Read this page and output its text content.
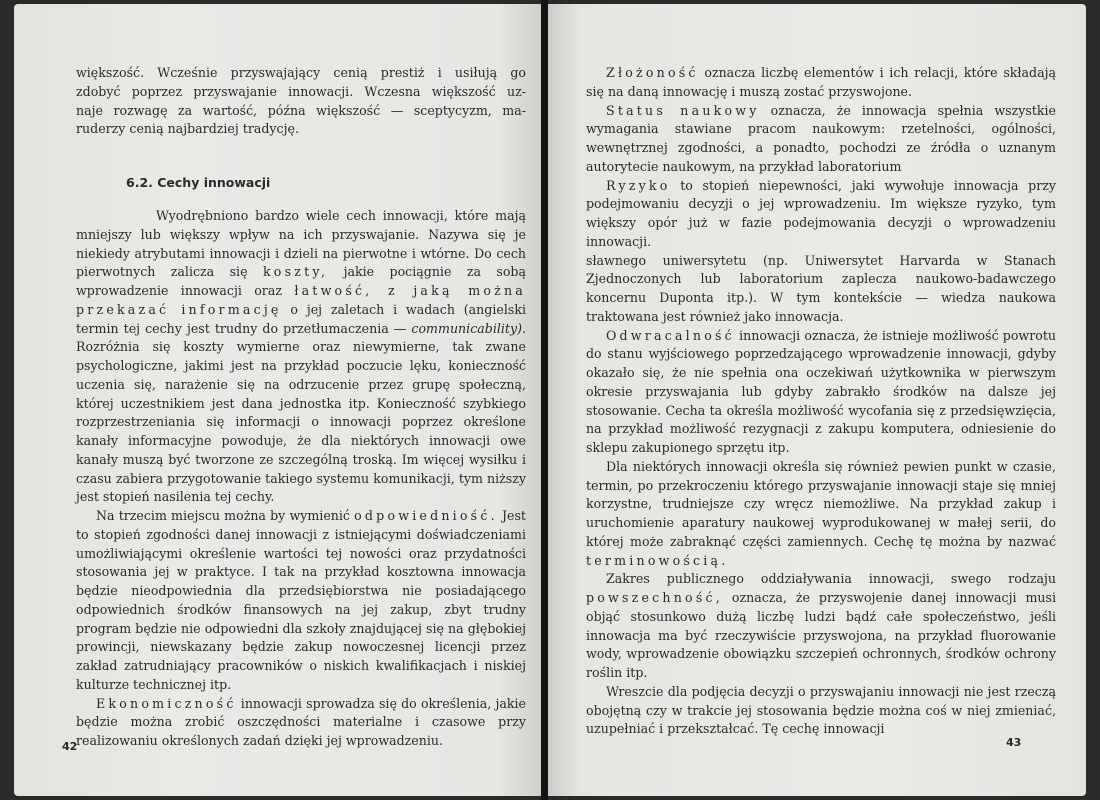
większość. Wcześnie przyswajający cenią prestiż i usiłują go

zdobyć poprzez przyswajanie innowacji. Wczesna większość uz-

naje rozwagę za wartość, późna większość — sceptycyzm, ma-

ruderzy cenią najbardziej tradycję.

6.2. Cechy innowacji

Wyodrębniono bardzo wiele cech innowacji, które mają mniejszy lub większy wpływ na ich przyswajanie. Nazywa się je niekiedy atrybutami innowacji i dzieli na pierwotne i wtórne. Do cech pierwotnych zalicza się koszty, jakie pociągnie za sobą wprowadzenie innowacji oraz łatwość, z jaką można przekazać informację o jej zaletach i wadach (angielski termin tej cechy jest trudny do przetłumaczenia — communicability). Rozróżnia się koszty wymierne oraz niewymierne, tak zwane psychologiczne, jakimi jest na przykład poczucie lęku, konieczność uczenia się, narażenie się na odrzucenie przez grupę społeczną, której uczestnikiem jest dana jednostka itp. Konieczność szybkiego rozprzestrzeniania się informacji o innowacji poprzez określone kanały informacyjne powoduje, że dla niektórych innowacji owe kanały muszą być tworzone ze szczególną troską. Im więcej wysiłku i czasu zabiera przygotowanie takiego systemu komunikacji, tym niższy jest stopień nasilenia tej cechy.

Na trzecim miejscu można by wymienić odpowiedniość. Jest to stopień zgodności danej innowacji z istniejącymi doświadczeniami umożliwiającymi określenie wartości tej nowości oraz przydatności stosowania jej w praktyce. I tak na przykład kosztowna innowacja będzie nieodpowiednia dla przedsiębiorstwa nie posiadającego odpowiednich środków finansowych na jej zakup, zbyt trudny program będzie nie odpowiedni dla szkoły znajdującej się na głębokiej prowincji, niewskazany będzie zakup nowoczesnej licencji przez zakład zatrudniający pracowników o niskich kwalifikacjach i niskiej kulturze technicznej itp.

Ekonomiczność innowacji sprowadza się do określenia, jakie będzie można zrobić oszczędności materialne i czasowe przy realizowaniu określonych zadań dzięki jej wprowadzeniu.

42

Złożoność oznacza liczbę elementów i ich relacji, które składają się na daną innowację i muszą zostać przyswojone.

Status naukowy oznacza, że innowacja spełnia wszystkie wymagania stawiane pracom naukowym: rzetelności, ogólności, wewnętrznej zgodności, a ponadto, pochodzi ze źródła o uznanym autorytecie naukowym, na przykład laboratorium

Ryzyko to stopień niepewności, jaki wywołuje innowacja przy podejmowaniu decyzji o jej wprowadzeniu. Im większe ryzyko, tym większy opór już w fazie podejmowania decyzji o wprowadzeniu innowacji.

sławnego uniwersytetu (np. Uniwersytet Harvarda w Stanach Zjednoczonych lub laboratorium zaplecza naukowo-badawczego koncernu Duponta itp.). W tym kontekście — wiedza naukowa traktowana jest również jako innowacja.

Odwracalność innowacji oznacza, że istnieje możliwość powrotu do stanu wyjściowego poprzedzającego wprowadzenie innowacji, gdyby okazało się, że nie spełnia ona oczekiwań użytkownika w pierwszym okresie przyswajania lub gdyby zabrakło środków na dalsze jej stosowanie. Cecha ta określa możliwość wycofania się z przedsięwzięcia, na przykład możliwość rezygnacji z zakupu komputera, odniesienie do sklepu zakupionego sprzętu itp.

Dla niektórych innowacji określa się również pewien punkt w czasie, termin, po przekroczeniu którego przyswajanie innowacji staje się mniej korzystne, trudniejsze czy wręcz niemożliwe. Na przykład zakup i uruchomienie aparatury naukowej wyprodukowanej w małej serii, do której może zabraknąć części zamiennych. Cechę tę można by nazwać terminowością.

Zakres publicznego oddziaływania innowacji, swego rodzaju powszechność, oznacza, że przyswojenie danej innowacji musi objąć stosunkowo dużą liczbę ludzi bądź całe społeczeństwo, jeśli innowacja ma być rzeczywiście przyswojona, na przykład fluorowanie wody, wprowadzenie obowiązku szczepień ochronnych, środków ochrony roślin itp.

Wreszcie dla podjęcia decyzji o przyswajaniu innowacji nie jest rzeczą obojętną czy w trakcie jej stosowania będzie można coś w niej zmieniać, uzupełniać i przekształcać. Tę cechę innowacji

43
